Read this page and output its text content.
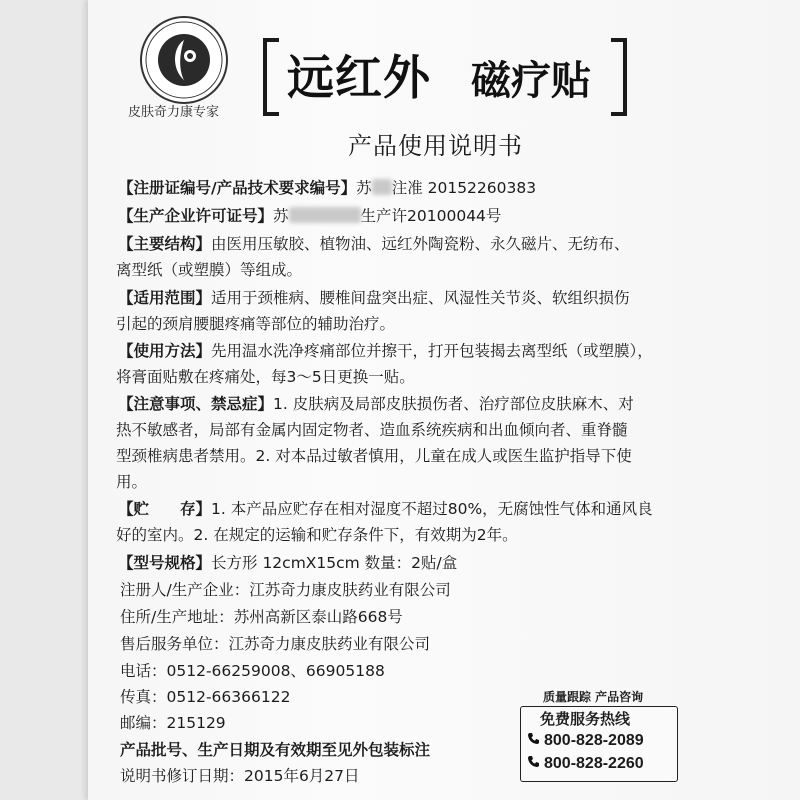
皮肤奇力康专家
远红外 磁疗贴
产品使用说明书
【注册证编号/产品技术要求编号】苏 注准 20152260383
【生产企业许可证号】苏	生产许20100044号
【主要结构】由医用压敏胶、植物油、远红外陶瓷粉、永久磁片、无纺布、
离型纸（或塑膜）等组成。
【适用范围】适用于颈椎病、腰椎间盘突出症、风湿性关节炎、软组织损伤
引起的颈肩腰腿疼痛等部位的辅助治疗。
【使用方法】先用温水洗净疼痛部位并擦干，打开包装揭去离型纸（或塑膜），
将膏面贴敷在疼痛处，每3～5日更换一贴。
【注意事项、禁忌症】1. 皮肤病及局部皮肤损伤者、治疗部位皮肤麻木、对
热不敏感者，局部有金属内固定物者、造血系统疾病和出血倾向者、重脊髓
型颈椎病患者禁用。2. 对本品过敏者慎用，儿童在成人或医生监护指导下使
用。
【贮　　存】1. 本产品应贮存在相对湿度不超过80%，无腐蚀性气体和通风良
好的室内。2. 在规定的运输和贮存条件下，有效期为2年。
【型号规格】长方形 12cmX15cm 数量：2贴/盒
注册人/生产企业：江苏奇力康皮肤药业有限公司
住所/生产地址：苏州高新区泰山路668号
售后服务单位：江苏奇力康皮肤药业有限公司
电话：0512-66259008、66905188
传真：0512-66366122
邮编：215129
产品批号、生产日期及有效期至见外包装标注
说明书修订日期：2015年6月27日
质量跟踪 产品咨询
免费服务热线
800-828-2089
800-828-2260
